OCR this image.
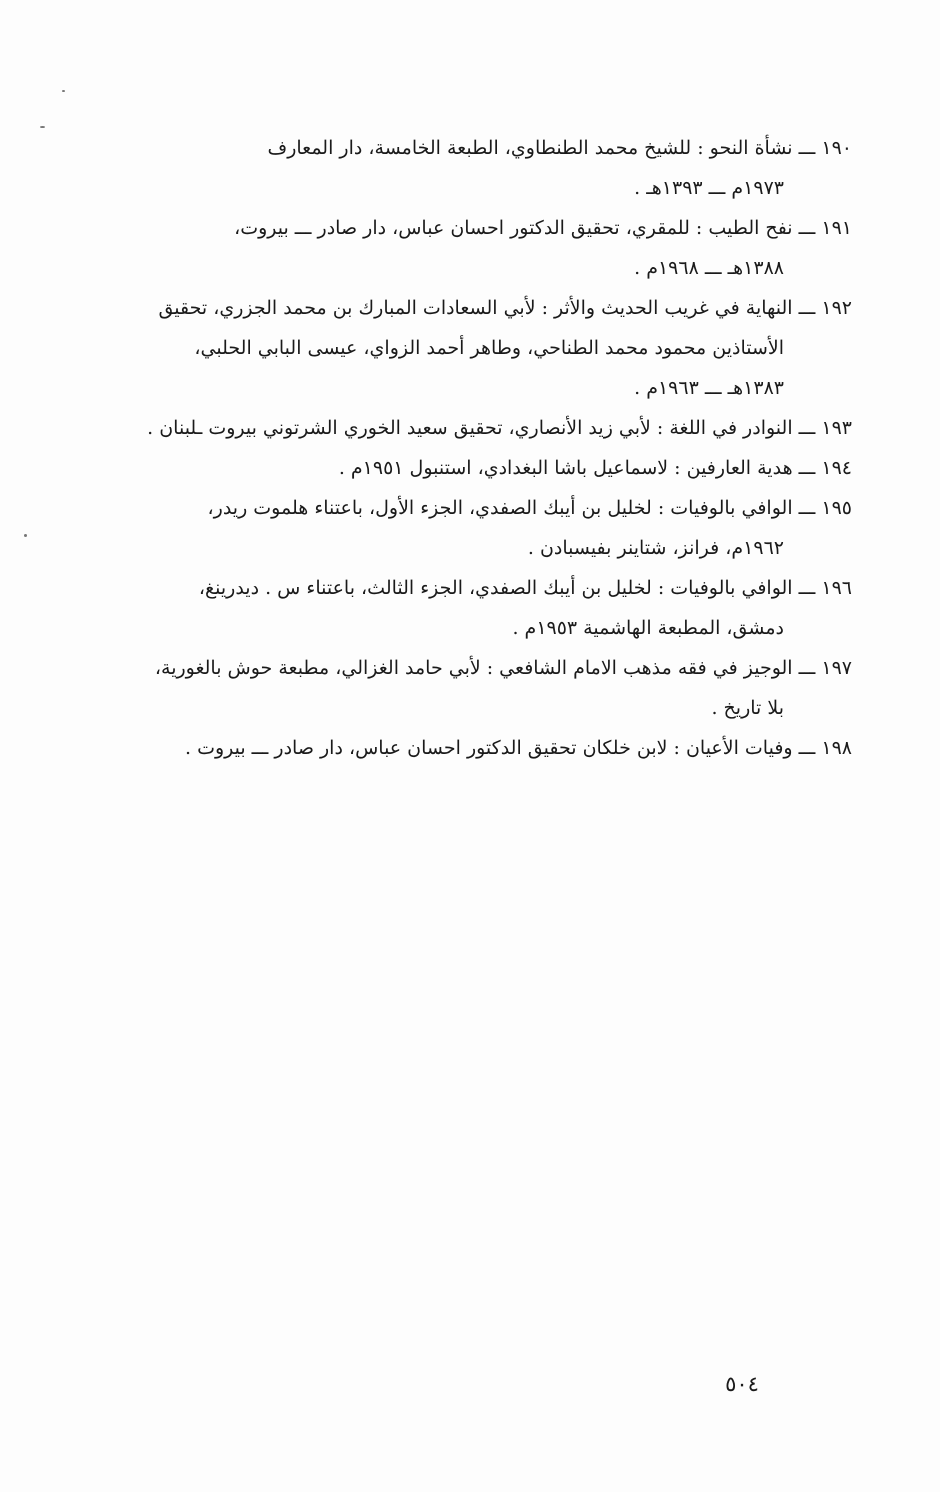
١٩٠ ـــ نشأة النحو : للشيخ محمد الطنطاوي، الطبعة الخامسة، دار المعارف
١٩٧٣م ـــ ١٣٩٣هـ .
١٩١ ـــ نفح الطيب : للمقري، تحقيق الدكتور احسان عباس، دار صادر ـــ بيروت،
١٣٨٨هـ ـــ ١٩٦٨م .
١٩٢ ـــ النهاية في غريب الحديث والأثر : لأبي السعادات المبارك بن محمد الجزري، تحقيق
الأستاذين محمود محمد الطناحي، وطاهر أحمد الزواي، عيسى البابي الحلبي،
١٣٨٣هـ ـــ ١٩٦٣م .
١٩٣ ـــ النوادر في اللغة : لأبي زيد الأنصاري، تحقيق سعيد الخوري الشرتوني بيروت ـلبنان .
١٩٤ ـــ هدية العارفين : لاسماعيل باشا البغدادي، استنبول ١٩٥١م .
١٩٥ ـــ الوافي بالوفيات : لخليل بن أيبك الصفدي، الجزء الأول، باعتناء هلموت ريدر،
١٩٦٢م، فرانز، شتاينر بفيسبادن .
١٩٦ ـــ الوافي بالوفيات : لخليل بن أيبك الصفدي، الجزء الثالث، باعتناء س . ديدرينغ،
دمشق، المطبعة الهاشمية ١٩٥٣م .
١٩٧ ـــ الوجيز في فقه مذهب الامام الشافعي : لأبي حامد الغزالي، مطبعة حوش بالغورية،
بلا تاريخ .
١٩٨ ـــ وفيات الأعيان : لابن خلكان تحقيق الدكتور احسان عباس، دار صادر ـــ بيروت .
٥٠٤
